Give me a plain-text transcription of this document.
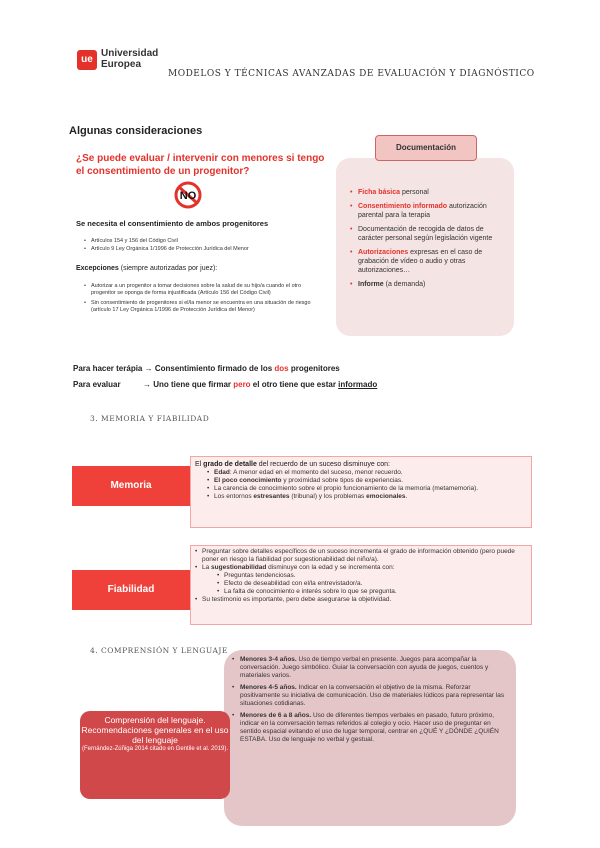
ue
Universidad
Europea
MODELOS Y TÉCNICAS AVANZADAS DE EVALUACIÓN Y DIAGNÓSTICO
Algunas consideraciones
¿Se puede evaluar / intervenir con menores si tengo el consentimiento de un progenitor?
NO
Se necesita el consentimiento de ambos progenitores
• Artículos 154 y 156 del Código Civil
• Artículo 9 Ley Orgánica 1/1996 de Protección Jurídica del Menor
Excepciones (siempre autorizadas por juez):
• Autorizar a un progenitor a tomar decisiones sobre la salud de su hijo/a cuando el otro progenitor se oponga de forma injustificada (Artículo 156 del Código Civil)
• Sin consentimiento de progenitores si el/la menor se encuentra en una situación de riesgo (artículo 17 Ley Orgánica 1/1996 de Protección Jurídica del Menor)
Documentación
• Ficha básica personal
• Consentimiento informado autorización parental para la terapia
• Documentación de recogida de datos de carácter personal según legislación vigente
• Autorizaciones expresas en el caso de grabación de vídeo o audio y otras autorizaciones…
• Informe (a demanda)
Para hacer terápia → Consentimiento firmado de los dos progenitores
Para evaluar	→ Uno tiene que firmar pero el otro tiene que estar informado
3. MEMORIA Y FIABILIDAD
Memoria
El grado de detalle del recuerdo de un suceso disminuye con:
• Edad: A menor edad en el momento del suceso, menor recuerdo.
• El poco conocimiento y proximidad sobre tipos de experiencias.
• La carencia de conocimiento sobre el propio funcionamiento de la memoria (metamemoria).
• Los entornos estresantes (tribunal) y los problemas emocionales.
Fiabilidad
• Preguntar sobre detalles específicos de un suceso incrementa el grado de información obtenido (pero puede poner en riesgo la fiabilidad por sugestionabilidad del niño/a).
• La sugestionabilidad disminuye con la edad y se incrementa con:
• Preguntas tendenciosas.
• Efecto de deseabilidad con el/la entrevistador/a.
• La falta de conocimiento e interés sobre lo que se pregunta.
• Su testimonio es importante, pero debe asegurarse la objetividad.
4. COMPRENSIÓN Y LENGUAJE
Comprensión del lenguaje. Recomendaciones generales en el uso del lenguaje
(Fernández-Zúñiga 2014 citado en Gentile et al. 2019).
• Menores 3-4 años. Uso de tiempo verbal en presente. Juegos para acompañar la conversación. Juego simbólico. Guiar la conversación con ayuda de juegos, cuentos y materiales varios.
• Menores 4-5 años. Indicar en la conversación el objetivo de la misma. Reforzar positivamente su iniciativa de comunicación. Uso de materiales lúdicos para representar las situaciones cotidianas.
• Menores de 6 a 8 años. Uso de diferentes tiempos verbales en pasado, futuro próximo, indicar en la conversación temas referidos al colegio y ocio. Hacer uso de preguntar en sentido espacial evitando el uso de lugar temporal, centrar en ¿QUÉ Y ¿DÓNDE ¿QUIÉN ESTABA. Uso de lenguaje no verbal y gestual.
